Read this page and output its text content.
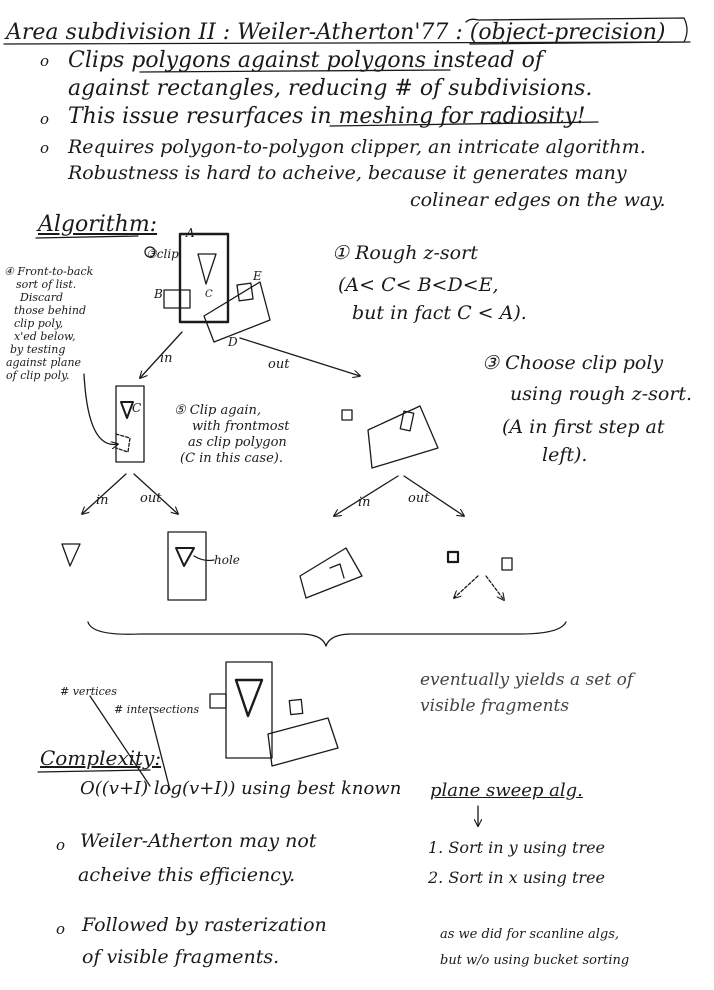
Area subdivision II : Weiler-Atherton'77 : (object-precision)
o Clips polygons against polygons instead of
against rectangles, reducing # of subdivisions.
o This issue resurfaces in meshing for radiosity!
o Requires polygon-to-polygon clipper, an intricate algorithm.
Robustness is hard to acheive, because it generates many
colinear edges on the way.
Algorithm:
① Rough z-sort
(A< C< B<D<E,
but in fact C < A).
③ Choose clip poly
using rough z-sort.
(A in first step at
left).
④ Front-to-back
sort of list.
Discard
those behind
clip poly,
x'ed below,
by testing
against plane
of clip poly.
⑤ Clip again,
with frontmost
as clip polygon
(C in this case).
③clip
A
B	C
D
E
C
in	out
in out	in	out
hole
eventually yields a set of
visible fragments
# vertices
# intersections
Complexity:
O((v+I) log(v+I)) using best known plane sweep alg.
o Weiler-Atherton may not
acheive this efficiency.
o Followed by rasterization
of visible fragments.
1. Sort in y using tree
2. Sort in x using tree
as we did for scanline algs,
but w/o using bucket sorting
